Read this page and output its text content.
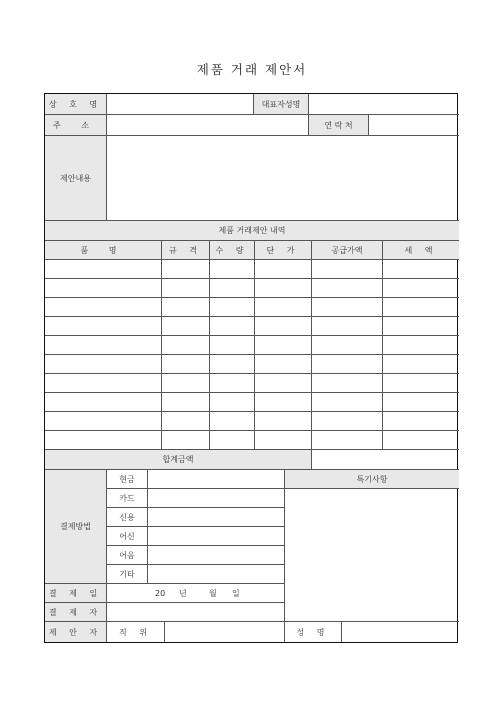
제품 거래 제안서
상 호 명	대표자성명
주 소	연 락 처
제안내용
제품 거래제안 내역
품 명	규 격	수 량	단 가	공급가액	세 액
합계금액
결제방법
현금
카드
신용
어신
어음
기타
특기사항
결 제 일	20 년	월 일
결 제 자
제 안 자	직 위	성 명
